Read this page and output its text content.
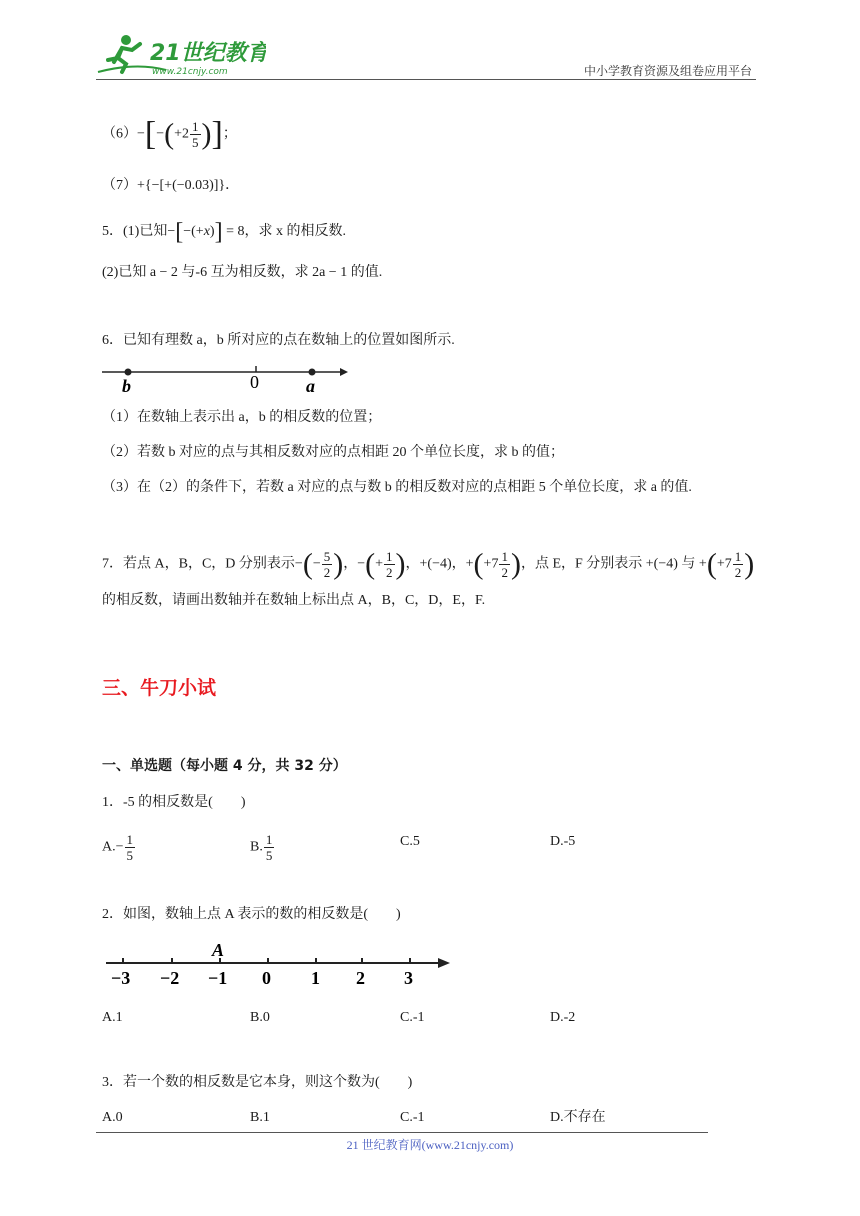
21世纪教育
www.21cnjy.com	中小学教育资源及组卷应用平台
$(6)-[-(+2 \frac{1}{5}$ )]；
（7）+{−[+(−0.03)]}．
5．(1)已知−[−(+x)] = 8，求 x 的相反数.
(2)已知 a − 2 与-6 互为相反数，求 2a − 1 的值.
6．已知有理数 a，b 所对应的点在数轴上的位置如图所示.
b	0	a
（1）在数轴上表示出 a，b 的相反数的位置；
（2）若数 b 对应的点与其相反数对应的点相距 20 个单位长度，求 b 的值；
（3）在（2）的条件下，若数 a 对应的点与数 b 的相反数对应的点相距 5 个单位长度，求 a 的值.
7．若点 A，B，C，D 分别表示−(− $\frac{5}{2}$ )，−(+ $\frac{1}{2}$ )，+(−4)，$+(+7 \frac{1}{2}$ )，点 E，F 分别表示 +(−4) 与 $+(+7 \frac{1}{2}$ )
的相反数，请画出数轴并在数轴上标出点 A，B，C，D，E，F.
三、牛刀小试
一、单选题（每小题 4 分，共 32 分）
1．-5 的相反数是(　　)
$A.- \frac{1}{5}$	B. $\frac{1}{5}$	C.5	D.-5
2．如图，数轴上点 A 表示的数的相反数是(　　)
A
−3 −2 −1 0 1 2 3
A.1	B.0	C.-1	D.-2
3．若一个数的相反数是它本身，则这个数为(　　)
A.0	B.1	C.-1	D.不存在
21 世纪教育网(www.21cnjy.com)
